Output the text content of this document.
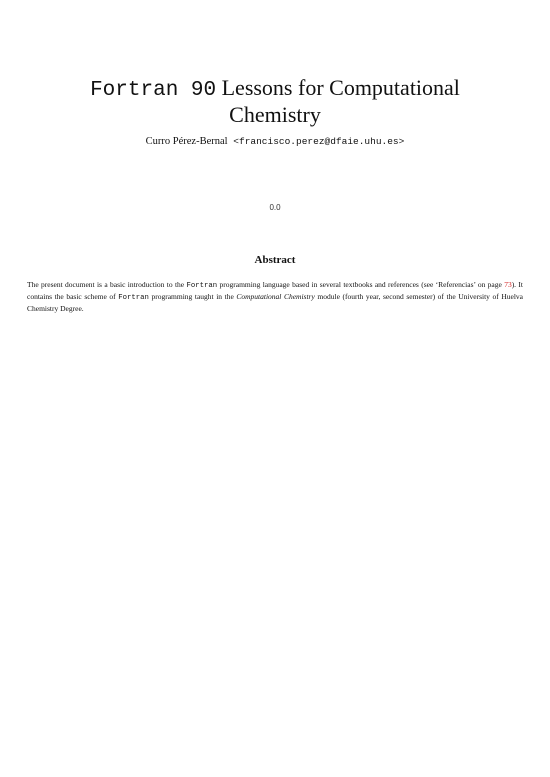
Fortran 90 Lessons for Computational
Chemistry
Curro Pérez-Bernal <francisco.perez@dfaie.uhu.es>
0.0
Abstract
The present document is a basic introduction to the Fortran programming language based in several textbooks and references (see ‘Referencias’ on page 73). It contains the basic scheme of Fortran programming taught in the Computational Chemistry module (fourth year, second semester) of the University of Huelva Chemistry Degree.
